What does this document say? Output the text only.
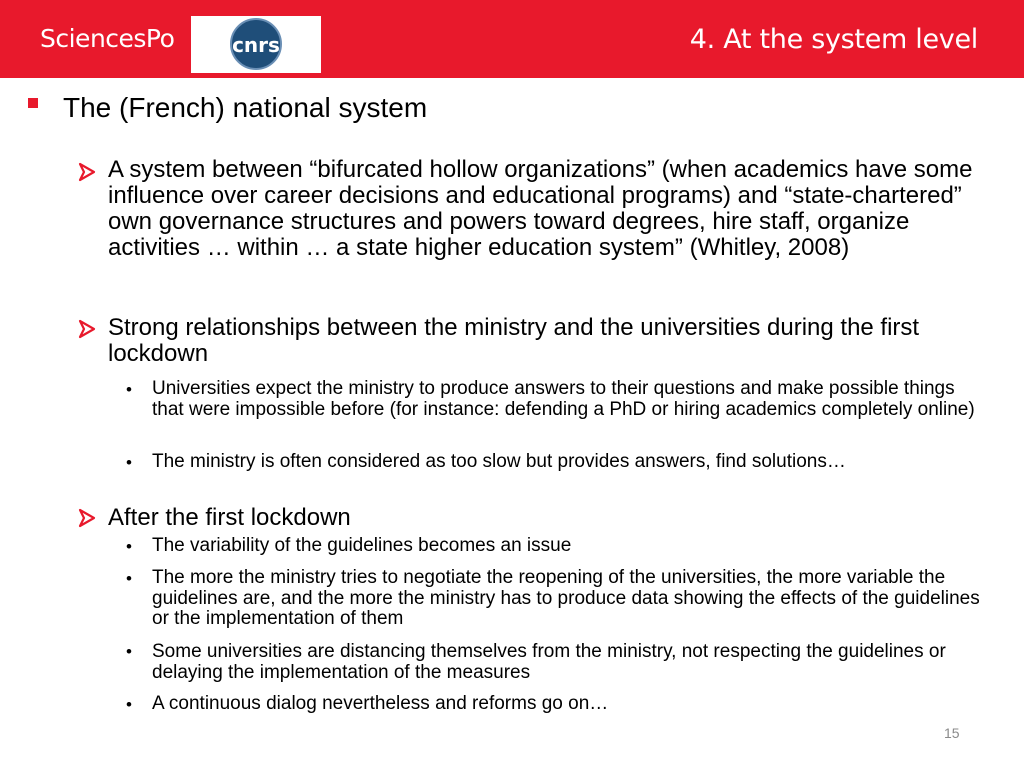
SciencesPo	cnrs	4. At the system level
The (French) national system
A system between “bifurcated hollow organizations” (when academics have some influence over career decisions and educational programs) and “state-chartered” own governance structures and powers toward degrees, hire staff, organize activities … within … a state higher education system” (Whitley, 2008)
Strong relationships between the ministry and the universities during the first lockdown
• Universities expect the ministry to produce answers to their questions and make possible things that were impossible before (for instance: defending a PhD or hiring academics completely online)
• The ministry is often considered as too slow but provides answers, find solutions…
After the first lockdown
• The variability of the guidelines becomes an issue
• The more the ministry tries to negotiate the reopening of the universities, the more variable the guidelines are, and the more the ministry has to produce data showing the effects of the guidelines or the implementation of them
• Some universities are distancing themselves from the ministry, not respecting the guidelines or delaying the implementation of the measures
• A continuous dialog nevertheless and reforms go on…
15
